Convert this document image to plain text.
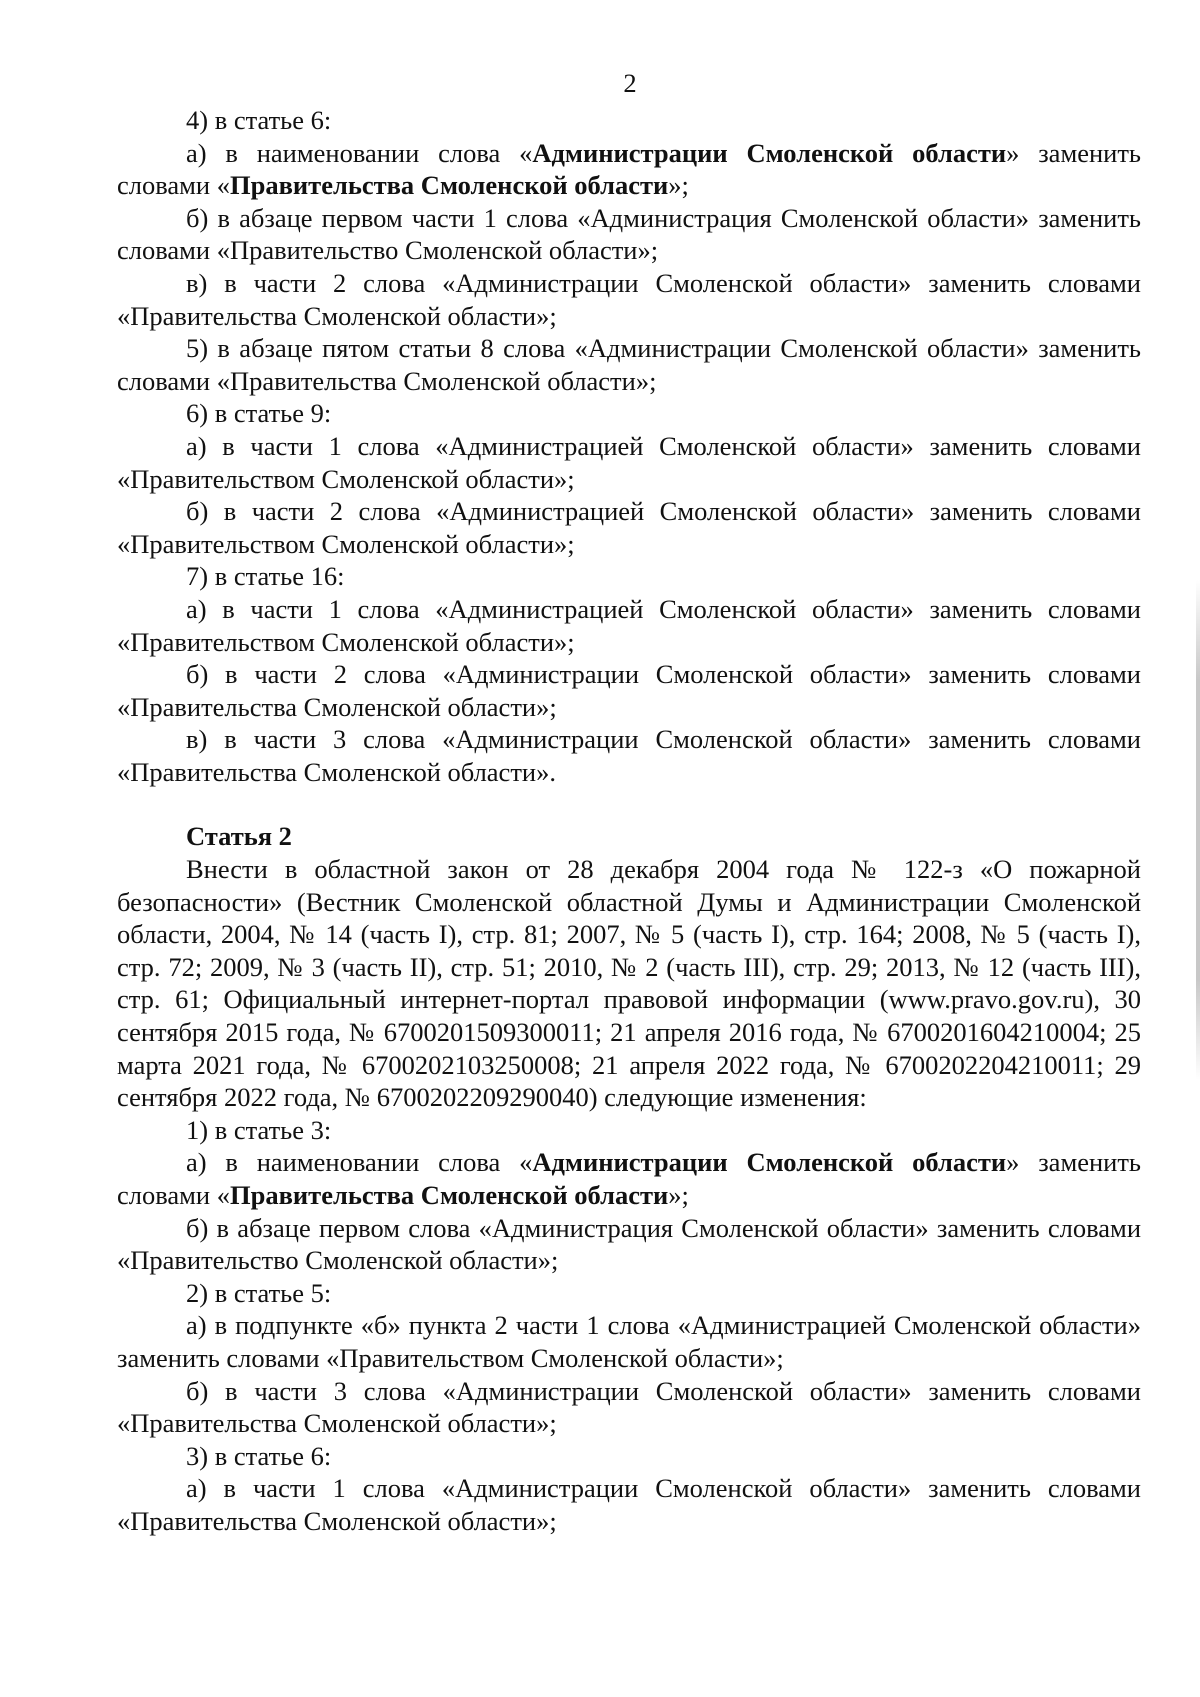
2

4) в статье 6:

а) в наименовании слова «Администрации Смоленской области» заменить словами «Правительства Смоленской области»;

б) в абзаце первом части 1 слова «Администрация Смоленской области» заменить словами «Правительство Смоленской области»;

в) в части 2 слова «Администрации Смоленской области» заменить словами «Правительства Смоленской области»;

5) в абзаце пятом статьи 8 слова «Администрации Смоленской области» заменить словами «Правительства Смоленской области»;

6) в статье 9:

а) в части 1 слова «Администрацией Смоленской области» заменить словами «Правительством Смоленской области»;

б) в части 2 слова «Администрацией Смоленской области» заменить словами «Правительством Смоленской области»;

7) в статье 16:

а) в части 1 слова «Администрацией Смоленской области» заменить словами «Правительством Смоленской области»;

б) в части 2 слова «Администрации Смоленской области» заменить словами «Правительства Смоленской области»;

в) в части 3 слова «Администрации Смоленской области» заменить словами «Правительства Смоленской области».

Статья 2

Внести в областной закон от 28 декабря 2004 года № 122-з «О пожарной безопасности» (Вестник Смоленской областной Думы и Администрации Смоленской области, 2004, № 14 (часть I), стр. 81; 2007, № 5 (часть I), стр. 164; 2008, № 5 (часть I), стр. 72; 2009, № 3 (часть II), стр. 51; 2010, № 2 (часть III), стр. 29; 2013, № 12 (часть III), стр. 61; Официальный интернет-портал правовой информации (www.pravo.gov.ru), 30 сентября 2015 года, № 6700201509300011; 21 апреля 2016 года, № 6700201604210004; 25 марта 2021 года, № 6700202103250008; 21 апреля 2022 года, № 6700202204210011; 29 сентября 2022 года, № 6700202209290040) следующие изменения:

1) в статье 3:

а) в наименовании слова «Администрации Смоленской области» заменить словами «Правительства Смоленской области»;

б) в абзаце первом слова «Администрация Смоленской области» заменить словами «Правительство Смоленской области»;

2) в статье 5:

а) в подпункте «б» пункта 2 части 1 слова «Администрацией Смоленской области» заменить словами «Правительством Смоленской области»;

б) в части 3 слова «Администрации Смоленской области» заменить словами «Правительства Смоленской области»;

3) в статье 6:

а) в части 1 слова «Администрации Смоленской области» заменить словами «Правительства Смоленской области»;
